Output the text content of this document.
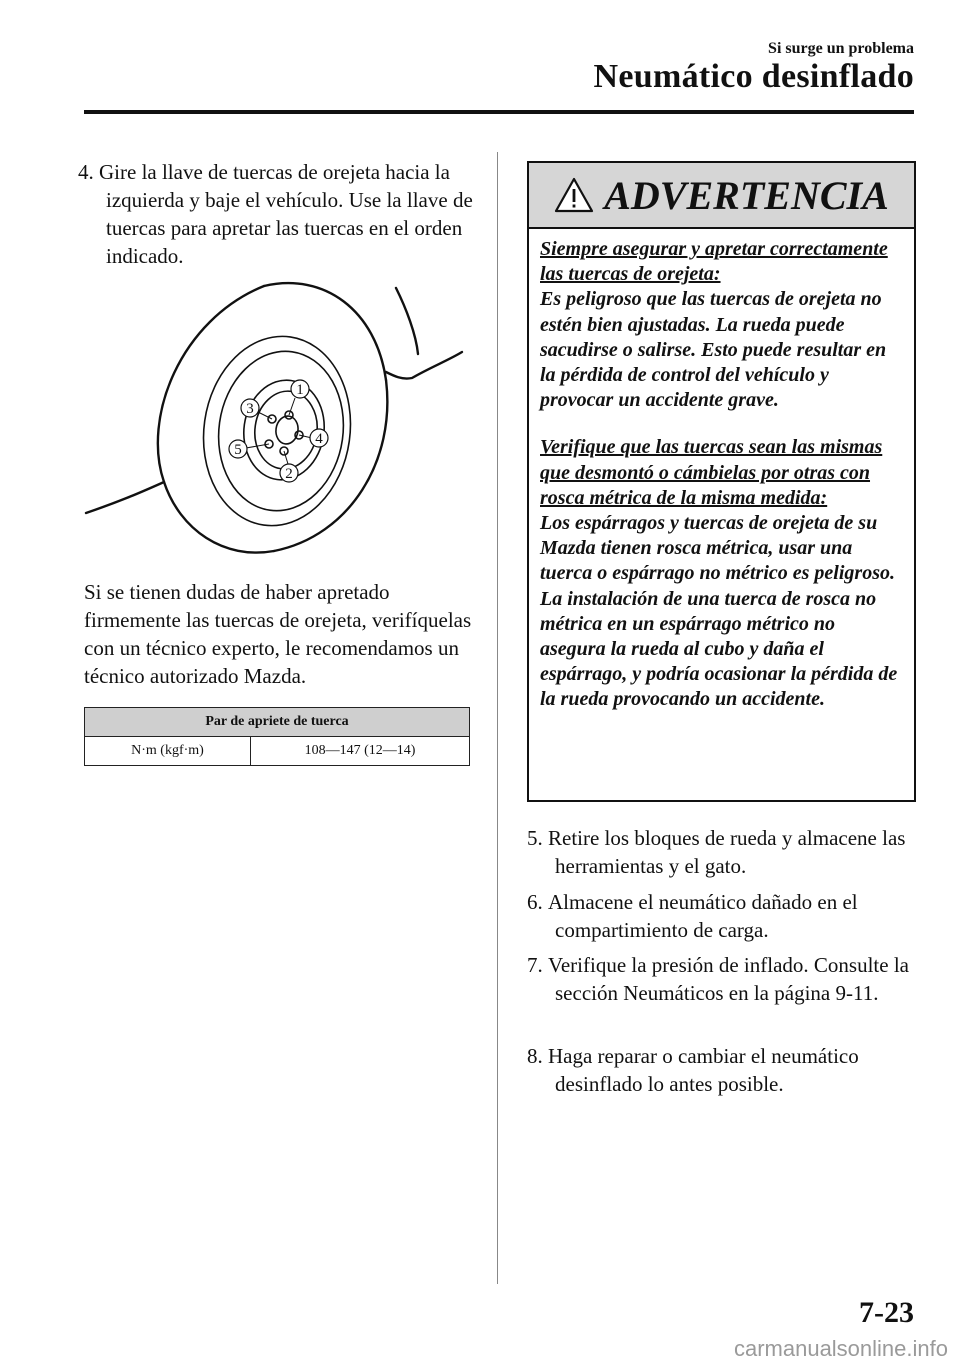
Si surge un problema
Neumático desinflado
4. Gire la llave de tuercas de orejeta hacia la izquierda y baje el vehículo. Use la llave de tuercas para apretar las tuercas en el orden indicado.
1
2
3
4
5
Si se tienen dudas de haber apretado firmemente las tuercas de orejeta, verifíquelas con un técnico experto, le recomendamos un técnico autorizado Mazda.
Par de apriete de tuerca
N·m (kgf·m)	108—147 (12—14)
ADVERTENCIA

Siempre asegurar y apretar correctamente las tuercas de orejeta:

Es peligroso que las tuercas de orejeta no estén bien ajustadas. La rueda puede sacudirse o salirse. Esto puede resultar en la pérdida de control del vehículo y provocar un accidente grave.

Verifique que las tuercas sean las mismas que desmontó o cámbielas por otras con rosca métrica de la misma medida:

Los espárragos y tuercas de orejeta de su Mazda tienen rosca métrica, usar una tuerca o espárrago no métrico es peligroso. La instalación de una tuerca de rosca no métrica en un espárrago métrico no asegura la rueda al cubo y daña el espárrago, y podría ocasionar la pérdida de la rueda provocando un accidente.

5. Retire los bloques de rueda y almacene las herramientas y el gato.
6. Almacene el neumático dañado en el compartimiento de carga.
7. Verifique la presión de inflado. Consulte la sección Neumáticos en la página 9-11.
8. Haga reparar o cambiar el neumático desinflado lo antes posible.
7-23
carmanualsonline.info
